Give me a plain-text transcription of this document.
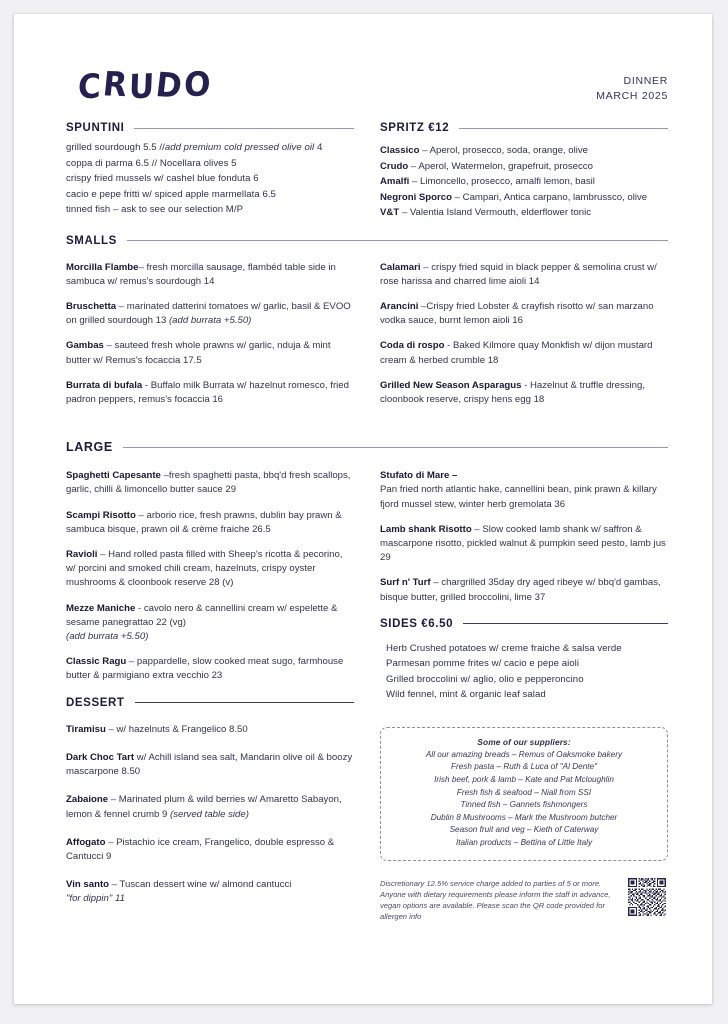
CRUDO	DINNER
MARCH 2025
SPUNTINI
grilled sourdough 5.5 //add premium cold pressed olive oil 4
coppa di parma 6.5 // Nocellara olives 5
crispy fried mussels w/ cashel blue fonduta 6
cacio e pepe fritti w/ spiced apple marmellata 6.5
tinned fish – ask to see our selection M/P
SPRITZ €12
Classico – Aperol, prosecco, soda, orange, olive
Crudo – Aperol, Watermelon, grapefruit, prosecco
Amalfi – Limoncello, prosecco, amalfi lemon, basil
Negroni Sporco – Campari, Antica carpano, lambrussco, olive
V&T – Valentia Island Vermouth, elderflower tonic
SMALLS
Morcilla Flambe– fresh morcilla sausage, flambéd table side in sambuca w/ remus's sourdough 14
Bruschetta – marinated datterini tomatoes w/ garlic, basil & EVOO on grilled sourdough 13 (add burrata +5.50)
Gambas – sauteed fresh whole prawns w/ garlic, nduja & mint butter w/ Remus's focaccia 17.5
Burrata di bufala - Buffalo milk Burrata w/ hazelnut romesco, fried padron peppers, remus's focaccia 16
Calamari – crispy fried squid in black pepper & semolina crust w/ rose harissa and charred lime aioli 14
Arancini –Crispy fried Lobster & crayfish risotto w/ san marzano vodka sauce, burnt lemon aioli 16
Coda di rospo - Baked Kilmore quay Monkfish w/ dijon mustard cream & herbed crumble 18
Grilled New Season Asparagus - Hazelnut & truffle dressing, cloonbook reserve, crispy hens egg 18
LARGE
Spaghetti Capesante –fresh spaghetti pasta, bbq'd fresh scallops, garlic, chilli & limoncello butter sauce 29
Scampi Risotto – arborio rice, fresh prawns, dublin bay prawn & sambuca bisque, prawn oil & crème fraiche 26.5
Ravioli – Hand rolled pasta filled with Sheep's ricotta & pecorino, w/ porcini and smoked chili cream, hazelnuts, crispy oyster mushrooms & cloonbook reserve 28 (v)
Mezze Maniche - cavolo nero & cannellini cream w/ espelette & sesame panegrattao 22 (vg)
(add burrata +5.50)
Classic Ragu – pappardelle, slow cooked meat sugo, farmhouse butter & parmigiano extra vecchio 23
Stufato di Mare –
Pan fried north atlantic hake, cannellini bean, pink prawn & killary fjord mussel stew, winter herb gremolata 36
Lamb shank Risotto – Slow cooked lamb shank w/ saffron & mascarpone risotto, pickled walnut & pumpkin seed pesto, lamb jus 29
Surf n' Turf – chargrilled 35day dry aged ribeye w/ bbq'd gambas, bisque butter, grilled broccolini, lime 37
SIDES €6.50
Herb Crushed potatoes w/ creme fraiche & salsa verde
Parmesan pomme frites w/ cacio e pepe aioli
Grilled broccolini w/ aglio, olio e pepperoncino
Wild fennel, mint & organic leaf salad
DESSERT
Tiramisu – w/ hazelnuts & Frangelico 8.50
Dark Choc Tart w/ Achill island sea salt, Mandarin olive oil & boozy mascarpone 8.50
Zabaione – Marinated plum & wild berries w/ Amaretto Sabayon, lemon & fennel crumb 9 (served table side)
Affogato – Pistachio ice cream, Frangelico, double espresso & Cantucci 9
Vin santo – Tuscan dessert wine w/ almond cantucci
"for dippin" 11
Some of our suppliers:
All our amazing breads – Remus of Oaksmoke bakery
Fresh pasta – Ruth & Luca of "Al Dente"
Irish beef, pork & lamb – Kate and Pat Mcloughlin
Fresh fish & seafood – Niall from SSI
Tinned fish – Gannets fishmongers
Dublin 8 Mushrooms – Mark the Mushroom butcher
Season fruit and veg – Kieth of Caterway
Italian products – Bettina of Little Italy
Discretionary 12.5% service charge added to parties of 5 or more. Anyone with dietary requirements please inform the staff in advance, vegan options are available. Please scan the QR code provided for allergen info
